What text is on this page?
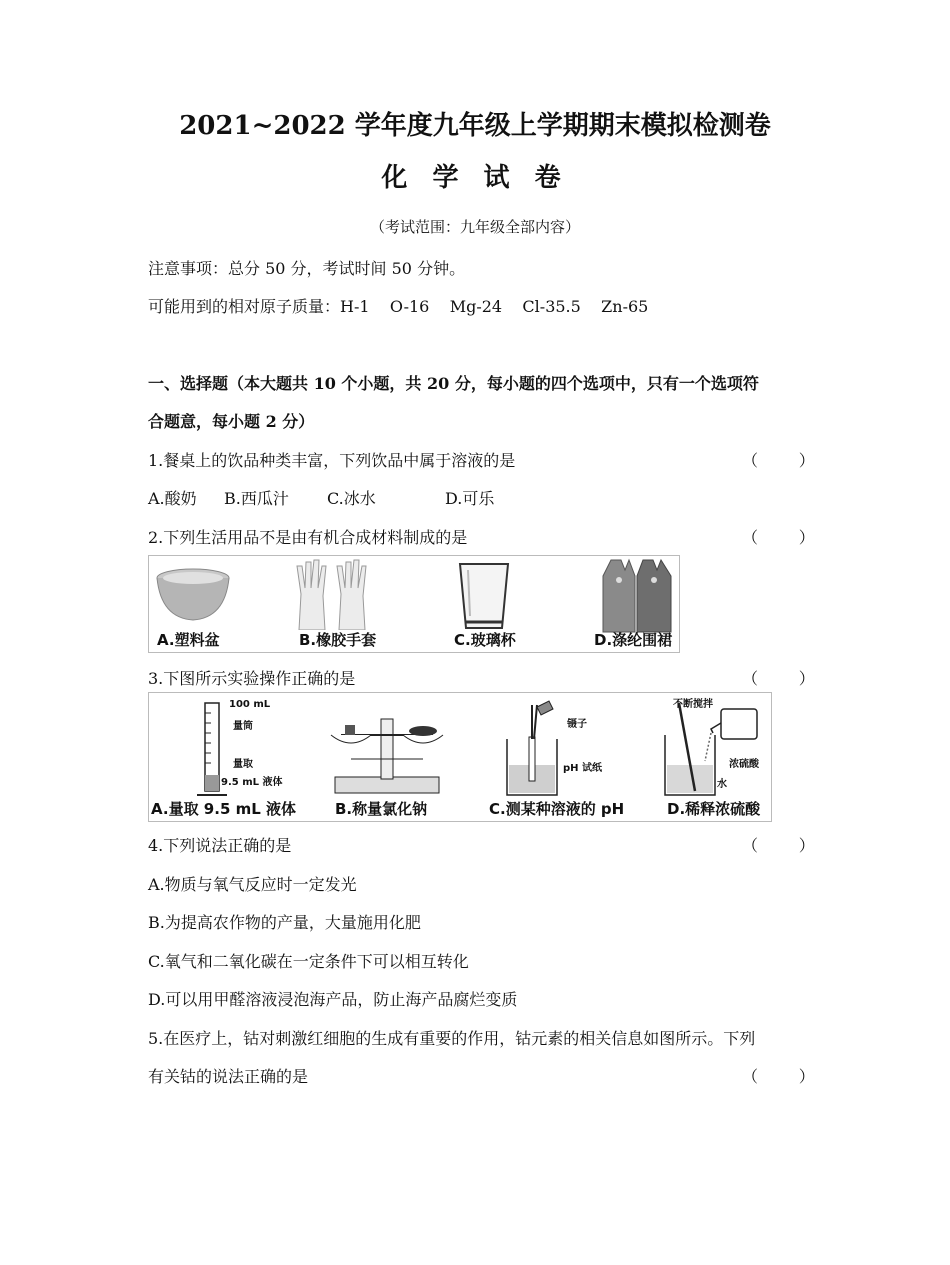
2021~2022 学年度九年级上学期期末模拟检测卷
化 学 试 卷
（考试范围：九年级全部内容）
注意事项：总分 50 分，考试时间 50 分钟。
可能用到的相对原子质量：H-1    O-16    Mg-24    Cl-35.5    Zn-65
一、选择题（本大题共 10 个小题，共 20 分，每小题的四个选项中，只有一个选项符
合题意，每小题 2 分）
1.餐桌上的饮品种类丰富，下列饮品中属于溶液的是	（        ）
A.酸奶 B.西瓜汁 C.冰水	D.可乐
2.下列生活用品不是由有机合成材料制成的是	（        ）
A.塑料盆	B.橡胶手套	C.玻璃杯	D.涤纶围裙
3.下图所示实验操作正确的是	（        ）
100 mL
量筒
量取
9.5 mL 液体
镊子
pH 试纸
不断搅拌
浓硫酸
水
A.量取 9.5 mL 液体	B.称量氯化钠	C.测某种溶液的 pH	D.稀释浓硫酸
4.下列说法正确的是	（        ）
A.物质与氧气反应时一定发光
B.为提高农作物的产量，大量施用化肥
C.氧气和二氧化碳在一定条件下可以相互转化
D.可以用甲醛溶液浸泡海产品，防止海产品腐烂变质
5.在医疗上，钴对刺激红细胞的生成有重要的作用，钴元素的相关信息如图所示。下列
有关钴的说法正确的是	（        ）
